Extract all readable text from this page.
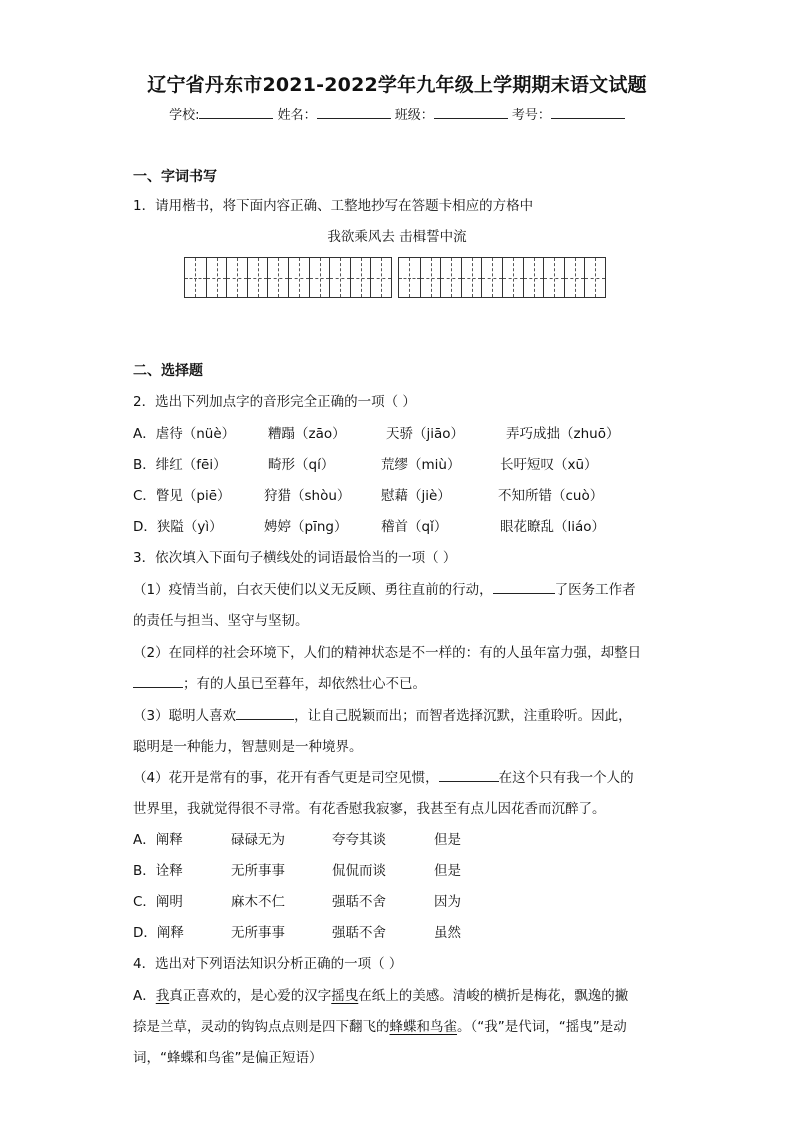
辽宁省丹东市2021-2022学年九年级上学期期末语文试题
学校:	姓名：	班级：	考号：
一、字词书写
1．请用楷书，将下面内容正确、工整地抄写在答题卡相应的方格中
我欲乘风去 击楫誓中流
二、选择题
2．选出下列加点字的音形完全正确的一项（ ）
A．虐待（nüè） 糟蹋（zāo）	天骄（jiāo）	弄巧成拙（zhuō）
B．绯红（fēi）	畸形（qí）	荒缪（miù）	长吁短叹（xū）
C．瞥见（piē） 狩猎（shòu） 慰藉（jiè）	不知所错（cuò）
D．狭隘（yì）	娉婷（pīng） 稽首（qǐ）	眼花瞭乱（liáo）
3．依次填入下面句子横线处的词语最恰当的一项（ ）
（1）疫情当前，白衣天使们以义无反顾、勇往直前的行动，	了医务工作者
的责任与担当、坚守与坚韧。
（2）在同样的社会环境下，人们的精神状态是不一样的：有的人虽年富力强，却整日
；有的人虽已至暮年，却依然壮心不已。
（3）聪明人喜欢	，让自己脱颖而出；而智者选择沉默，注重聆听。因此，
聪明是一种能力，智慧则是一种境界。
（4）花开是常有的事，花开有香气更是司空见惯，	在这个只有我一个人的
世界里，我就觉得很不寻常。有花香慰我寂寥，我甚至有点儿因花香而沉醉了。
A．阐释	碌碌无为	夸夸其谈	但是
B．诠释	无所事事	侃侃而谈	但是
C．阐明	麻木不仁	强聒不舍	因为
D．阐释	无所事事	强聒不舍	虽然
4．选出对下列语法知识分析正确的一项（ ）
A．我真正喜欢的，是心爱的汉字摇曳在纸上的美感。清峻的横折是梅花，飘逸的撇
捺是兰草，灵动的钩钩点点则是四下翻飞的蜂蝶和鸟雀。（“我”是代词，“摇曳”是动
词，“蜂蝶和鸟雀”是偏正短语）
